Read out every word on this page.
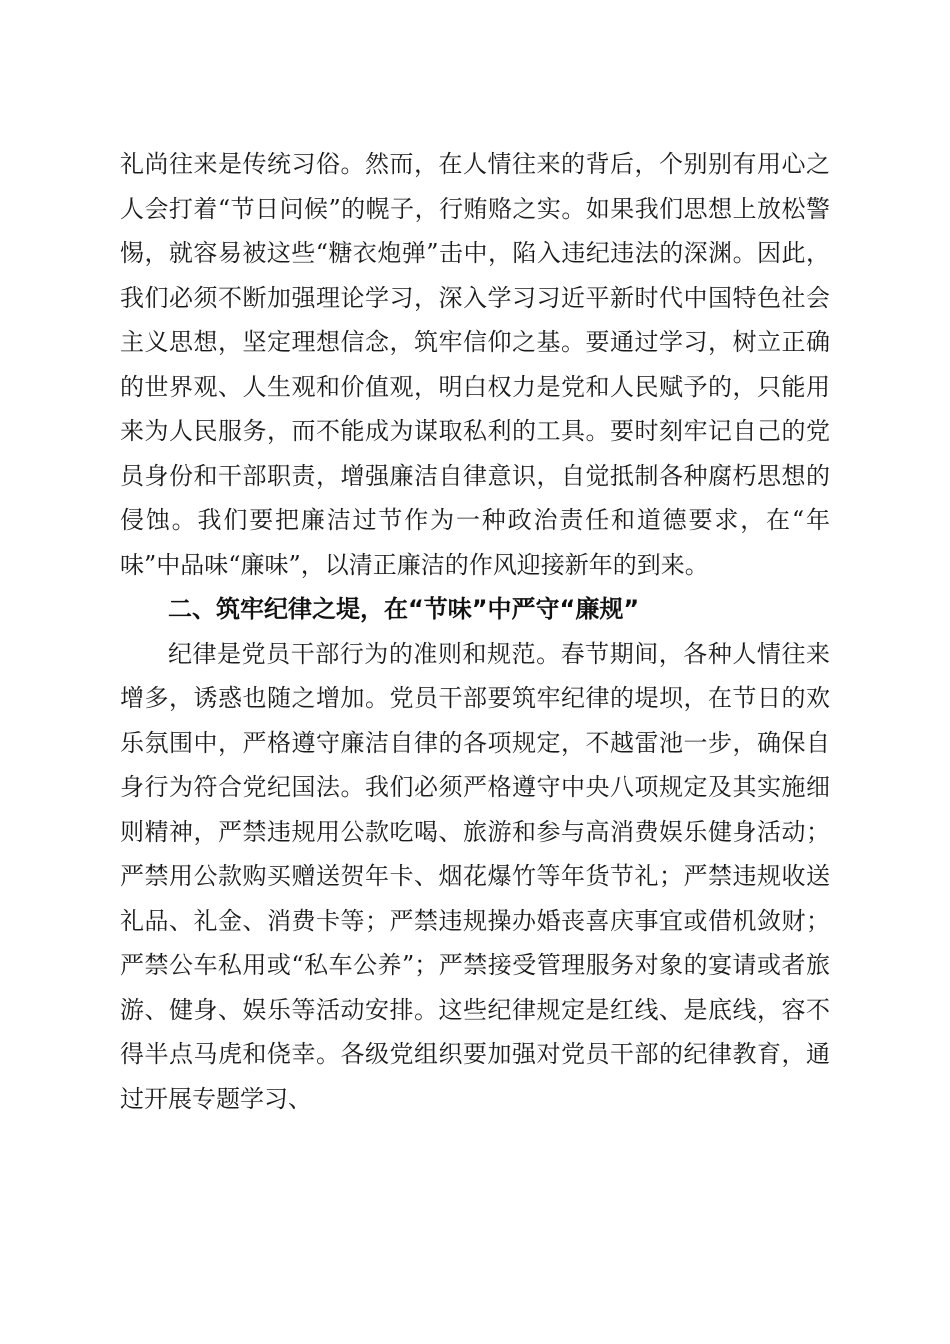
礼尚往来是传统习俗。然而，在人情往来的背后，个别别有用心之人会打着“节日问候”的幌子，行贿赂之实。如果我们思想上放松警惕，就容易被这些“糖衣炮弹”击中，陷入违纪违法的深渊。因此，我们必须不断加强理论学习，深入学习习近平新时代中国特色社会主义思想，坚定理想信念，筑牢信仰之基。要通过学习，树立正确的世界观、人生观和价值观，明白权力是党和人民赋予的，只能用来为人民服务，而不能成为谋取私利的工具。要时刻牢记自己的党员身份和干部职责，增强廉洁自律意识，自觉抵制各种腐朽思想的侵蚀。我们要把廉洁过节作为一种政治责任和道德要求，在“年味”中品味“廉味”，以清正廉洁的作风迎接新年的到来。

二、筑牢纪律之堤，在“节味”中严守“廉规”

纪律是党员干部行为的准则和规范。春节期间，各种人情往来增多，诱惑也随之增加。党员干部要筑牢纪律的堤坝，在节日的欢乐氛围中，严格遵守廉洁自律的各项规定，不越雷池一步，确保自身行为符合党纪国法。我们必须严格遵守中央八项规定及其实施细则精神，严禁违规用公款吃喝、旅游和参与高消费娱乐健身活动；严禁用公款购买赠送贺年卡、烟花爆竹等年货节礼；严禁违规收送礼品、礼金、消费卡等；严禁违规操办婚丧喜庆事宜或借机敛财；严禁公车私用或“私车公养”；严禁接受管理服务对象的宴请或者旅游、健身、娱乐等活动安排。这些纪律规定是红线、是底线，容不得半点马虎和侥幸。各级党组织要加强对党员干部的纪律教育，通过开展专题学习、
